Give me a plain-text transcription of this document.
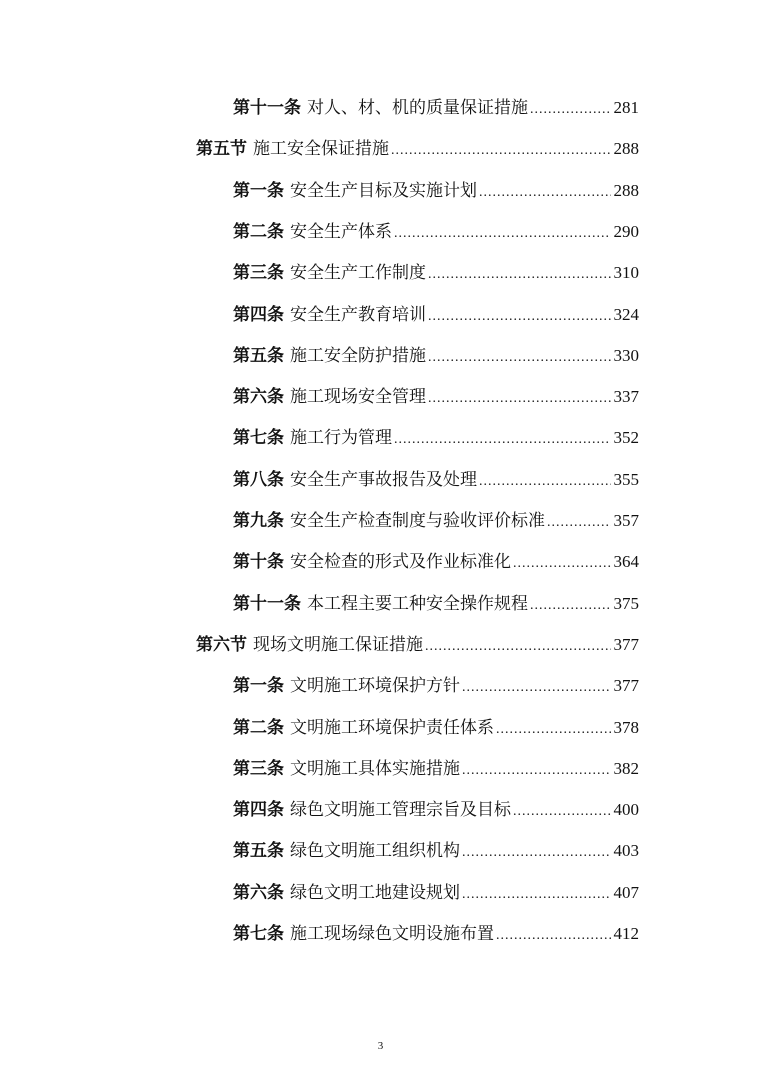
第十一条 对人、材、机的质量保证措施 .....	281
第五节 施工安全保证措施 .....	288
第一条 安全生产目标及实施计划 .....	288
第二条 安全生产体系 .....	290
第三条 安全生产工作制度 .....	310
第四条 安全生产教育培训 .....	324
第五条 施工安全防护措施 .....	330
第六条 施工现场安全管理 .....	337
第七条 施工行为管理 .....	352
第八条 安全生产事故报告及处理 .....	355
第九条 安全生产检查制度与验收评价标准 .....	357
第十条 安全检查的形式及作业标准化 .....	364
第十一条 本工程主要工种安全操作规程 .....	375
第六节 现场文明施工保证措施 .....	377
第一条 文明施工环境保护方针 .....	377
第二条 文明施工环境保护责任体系 .....	378
第三条 文明施工具体实施措施 .....	382
第四条 绿色文明施工管理宗旨及目标 .....	400
第五条 绿色文明施工组织机构 .....	403
第六条 绿色文明工地建设规划 .....	407
第七条 施工现场绿色文明设施布置 .....	412
3
